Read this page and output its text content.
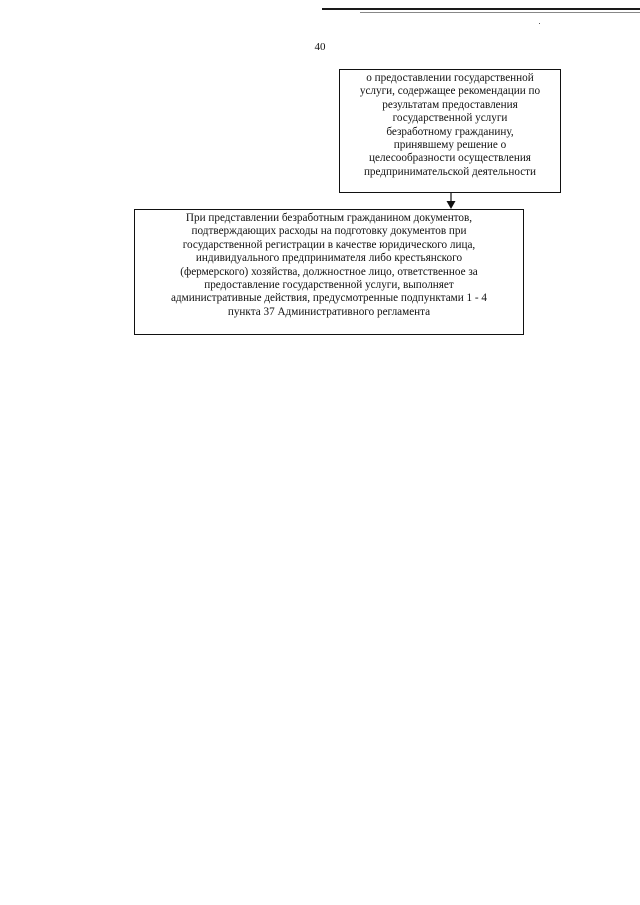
40
о предоставлении государственной
услуги, содержащее рекомендации по
результатам предоставления
государственной услуги
безработному гражданину,
принявшему решение о
целесообразности осуществления
предпринимательской деятельности
При представлении безработным гражданином документов,
подтверждающих расходы на подготовку документов при
государственной регистрации в качестве юридического лица,
индивидуального предпринимателя либо крестьянского
(фермерского) хозяйства, должностное лицо, ответственное за
предоставление государственной услуги, выполняет
административные действия, предусмотренные подпунктами 1 - 4
пункта 37 Административного регламента
